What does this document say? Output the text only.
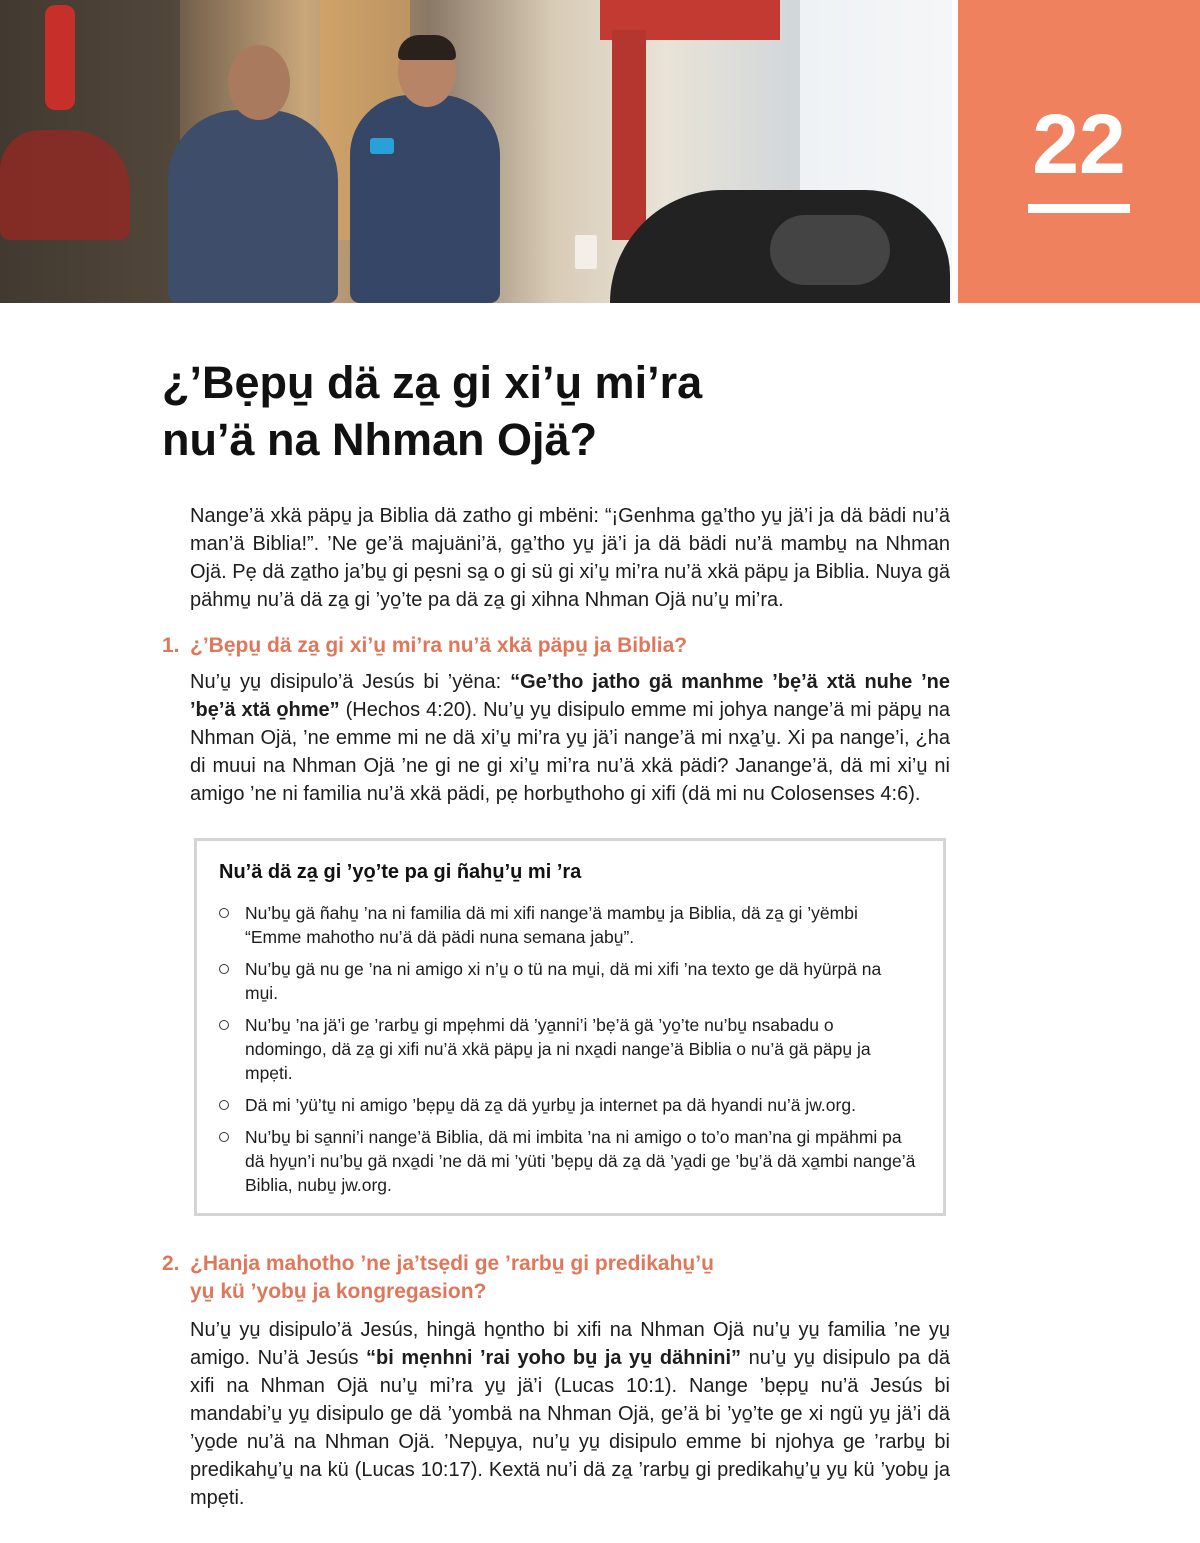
22
¿’Bẹpu̱ dä za̱ gi xi’u̱ mi’ra
nu’ä na Nhman Ojä?

Nange’ä xkä päpu̱ ja Biblia dä zatho gi mbëni: “¡Genhma ga̱’tho yu̱ jä’i ja dä bädi nu’ä man’ä Biblia!”. ’Ne ge’ä majuäni’ä, ga̱’tho yu̱ jä’i ja dä bädi nu’ä mambu̱ na Nhman Ojä. Pẹ dä za̱tho ja’bu̱ gi pẹsni sa̱ o gi sü gi xi’u̱ mi’ra nu’ä xkä päpu̱ ja Biblia. Nuya gä pähmu̱ nu’ä dä za̱ gi ’yo̱’te pa dä za̱ gi xihna Nhman Ojä nu’u̱ mi’ra.

1. ¿’Bẹpu̱ dä za̱ gi xi’u̱ mi’ra nu’ä xkä päpu̱ ja Biblia?

Nu’u̱ yu̱ disipulo’ä Jesús bi ’yëna: “Ge’tho jatho gä manhme ’bẹ’ä xtä nuhe ’ne ’bẹ’ä xtä o̱hme” (Hechos 4:20). Nu’u̱ yu̱ disipulo emme mi johya nange’ä mi päpu̱ na Nhman Ojä, ’ne emme mi ne dä xi’u̱ mi’ra yu̱ jä’i nange’ä mi nxa̱’u̱. Xi pa nange’i, ¿ha di muui na Nhman Ojä ’ne gi ne gi xi’u̱ mi’ra nu’ä xkä pädi? Janange’ä, dä mi xi’u̱ ni amigo ’ne ni familia nu’ä xkä pädi, pẹ horbu̱thoho gi xifi (dä mi nu Colosenses 4:6).

Nu’ä dä za̱ gi ’yo̱’te pa gi ñahu̱’u̱ mi ’ra
Nu’bu̱ gä ñahu̱ ’na ni familia dä mi xifi nange’ä mambu̱ ja Biblia, dä za̱ gi ’yëmbi “Emme mahotho nu’ä dä pädi nuna semana jabu̱”.
Nu’bu̱ gä nu ge ’na ni amigo xi n’u̱ o tü na mu̱i, dä mi xifi ’na texto ge dä hyürpä na mu̱i.
Nu’bu̱ ’na jä’i ge ’rarbu̱ gi mpẹhmi dä ’ya̱nni’i ’bẹ’ä gä ’yo̱’te nu’bu̱ nsabadu o ndomingo, dä za̱ gi xifi nu’ä xkä päpu̱ ja ni nxa̱di nange’ä Biblia o nu’ä gä päpu̱ ja mpẹti.
Dä mi ’yü’tu̱ ni amigo ’bẹpu̱ dä za̱ dä yu̱rbu̱ ja internet pa dä hyandi nu’ä jw.org.
Nu’bu̱ bi sa̱nni’i nange’ä Biblia, dä mi imbita ’na ni amigo o to’o man’na gi mpähmi pa dä hyu̱n’i nu’bu̱ gä nxa̱di ’ne dä mi ’yüti ’bẹpu̱ dä za̱ dä ’ya̱di ge ’bu̱’ä dä xa̱mbi nange’ä Biblia, nubu̱ jw.org.
2. ¿Hanja mahotho ’ne ja’tsẹdi ge ’rarbu̱ gi predikahu̱’u̱
yu̱ kü ’yobu̱ ja kongregasion?

Nu’u̱ yu̱ disipulo’ä Jesús, hingä ho̱ntho bi xifi na Nhman Ojä nu’u̱ yu̱ familia ’ne yu̱ amigo. Nu’ä Jesús “bi mẹnhni ’rai yoho bu̱ ja yu̱ dähnini” nu’u̱ yu̱ disipulo pa dä xifi na Nhman Ojä nu’u̱ mi’ra yu̱ jä’i (Lucas 10:1). Nange ’bẹpu̱ nu’ä Jesús bi mandabi’u̱ yu̱ disipulo ge dä ’yombä na Nhman Ojä, ge’ä bi ’yo̱’te ge xi ngü yu̱ jä’i dä ’yo̱de nu’ä na Nhman Ojä. ’Nepu̱ya, nu’u̱ yu̱ disipulo emme bi njohya ge ’rarbu̱ bi predikahu̱’u̱ na kü (Lucas 10:17). Kextä nu’i dä za̱ ’rarbu̱ gi predikahu̱’u̱ yu̱ kü ’yobu̱ ja mpẹti.
